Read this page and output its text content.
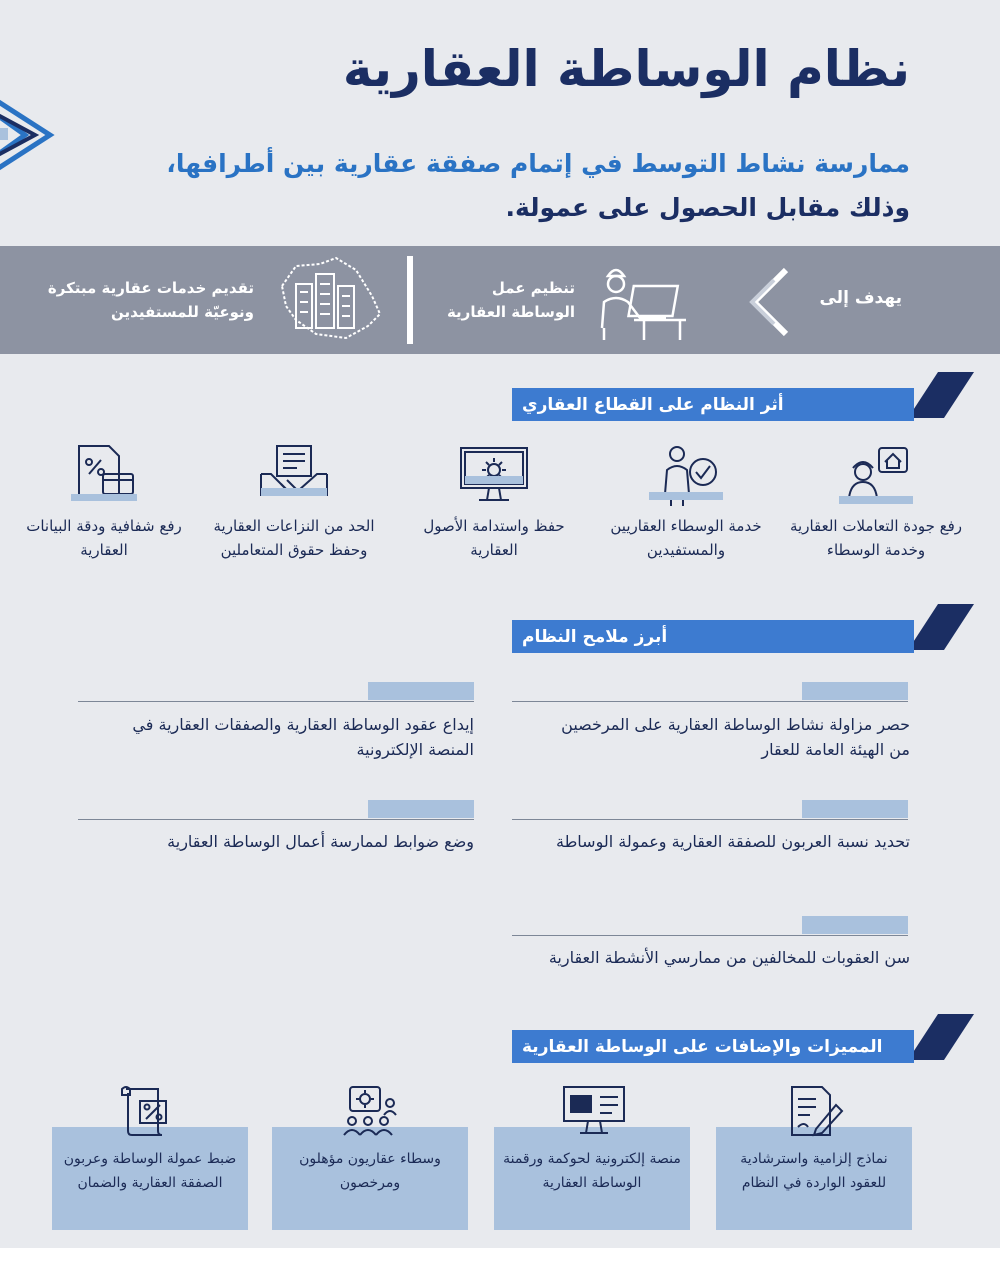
نظام الوساطة العقارية
ممارسة نشاط التوسط في إتمام صفقة عقارية بين أطرافها،
وذلك مقابل الحصول على عمولة.
يهدف إلى
تنظيم عمل الوساطة العقارية
تقديم خدمات عقارية مبتكرة ونوعيّة للمستفيدين
أثر النظام على القطاع العقاري
رفع جودة التعاملات العقارية وخدمة الوسطاء
خدمة الوسطاء العقاريين والمستفيدين
حفظ واستدامة الأصول العقارية
الحد من النزاعات العقارية وحفظ حقوق المتعاملين
رفع شفافية ودقة البيانات العقارية
أبرز ملامح النظام
حصر مزاولة نشاط الوساطة العقارية على المرخصين من الهيئة العامة للعقار
إيداع عقود الوساطة العقارية والصفقات العقارية في المنصة الإلكترونية
تحديد نسبة العربون للصفقة العقارية وعمولة الوساطة
وضع ضوابط لممارسة أعمال الوساطة العقارية
سن العقوبات للمخالفين من ممارسي الأنشطة العقارية
المميزات والإضافات على الوساطة العقارية
نماذج إلزامية واسترشادية للعقود الواردة في النظام
منصة إلكترونية لحوكمة ورقمنة الوساطة العقارية
وسطاء عقاريون مؤهلون ومرخصون
ضبط عمولة الوساطة وعربون الصفقة العقارية والضمان
